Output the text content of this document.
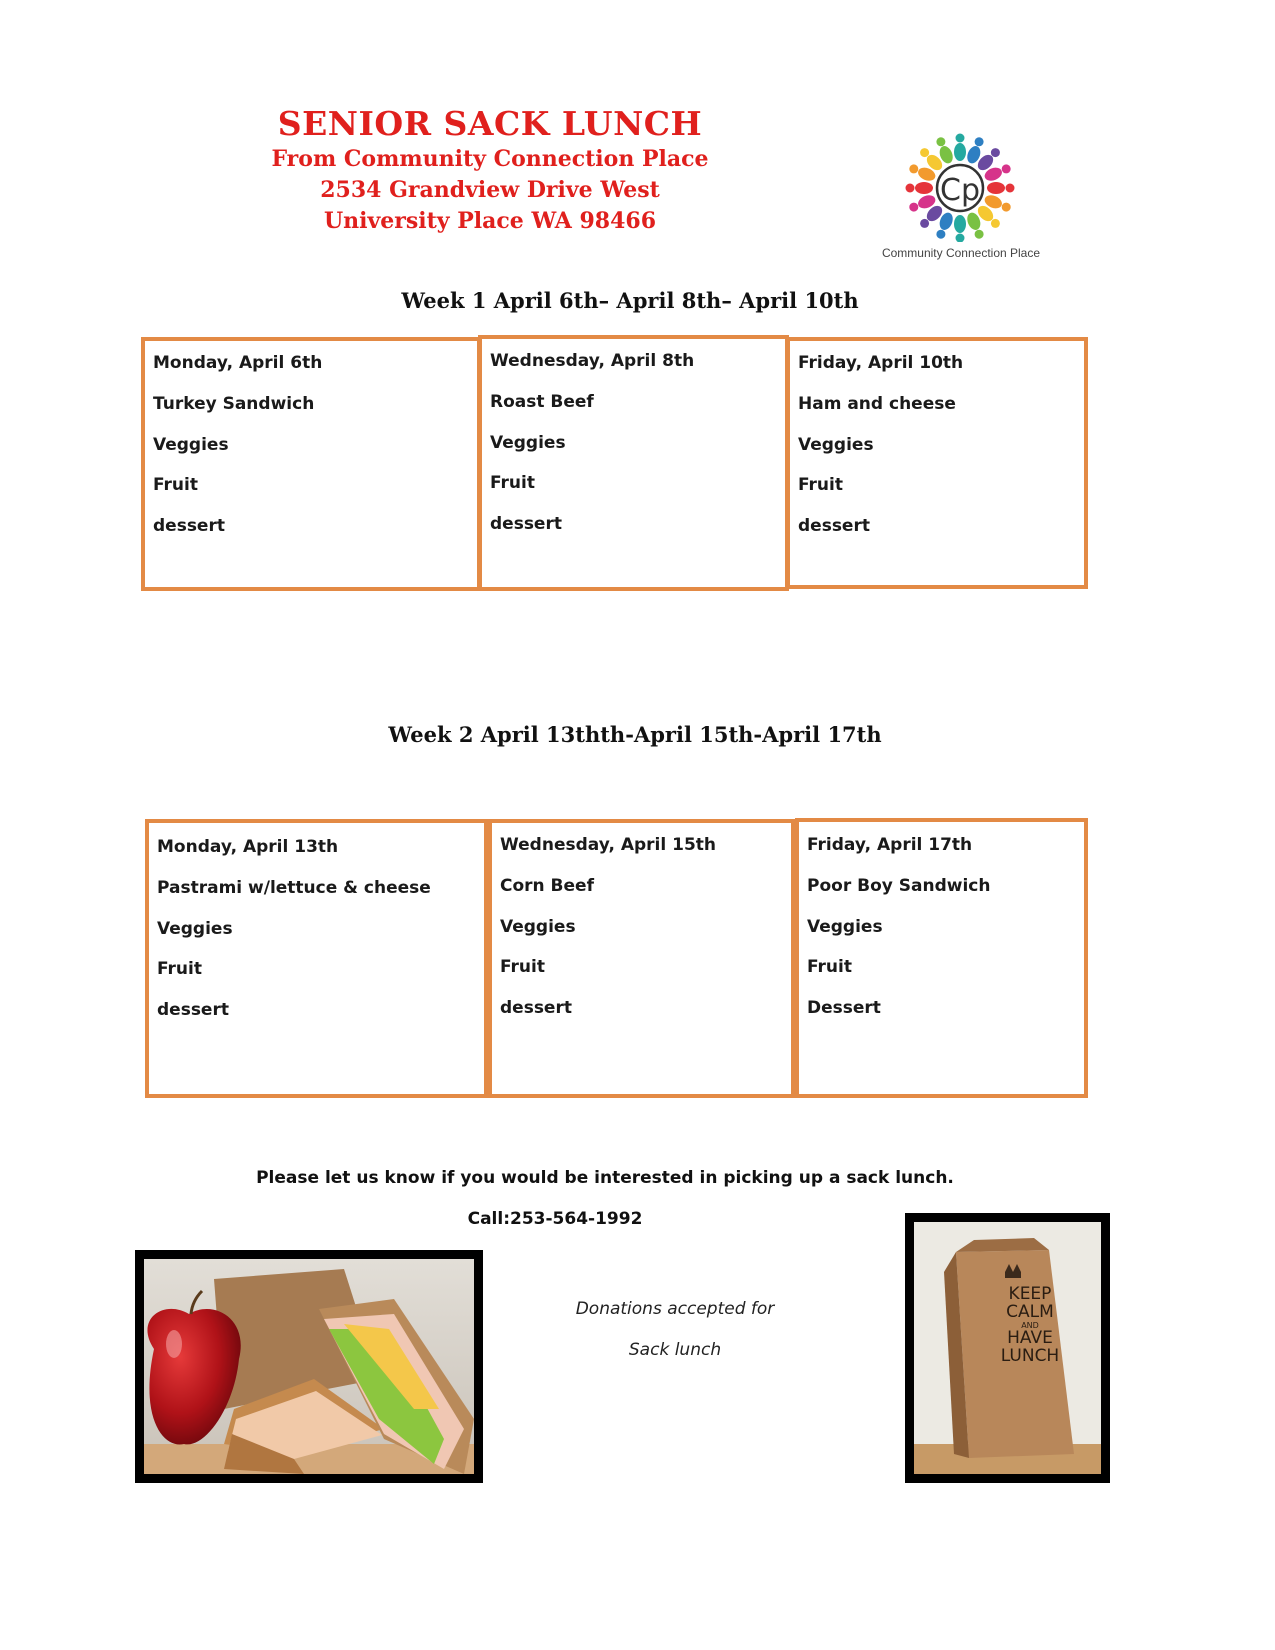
SENIOR SACK LUNCH
From Community Connection Place
2534 Grandview Drive West
University Place WA 98466
Cp
Community Connection Place
Week 1 April 6th– April 8th– April 10th
Monday, April 6th
Turkey Sandwich
Veggies
Fruit
dessert
Wednesday, April 8th
Roast Beef
Veggies
Fruit
dessert
Friday, April 10th
Ham and cheese
Veggies
Fruit
dessert
Week 2 April 13thth-April 15th-April 17th
Monday, April 13th
Pastrami w/lettuce & cheese
Veggies
Fruit
dessert
Wednesday, April 15th
Corn Beef
Veggies
Fruit
dessert
Friday, April 17th
Poor Boy Sandwich
Veggies
Fruit
Dessert
Please let us know if you would be interested in picking up a sack lunch.
Call:253-564-1992
Donations accepted for
Sack lunch
KEEP
CALM
AND
HAVE
LUNCH
